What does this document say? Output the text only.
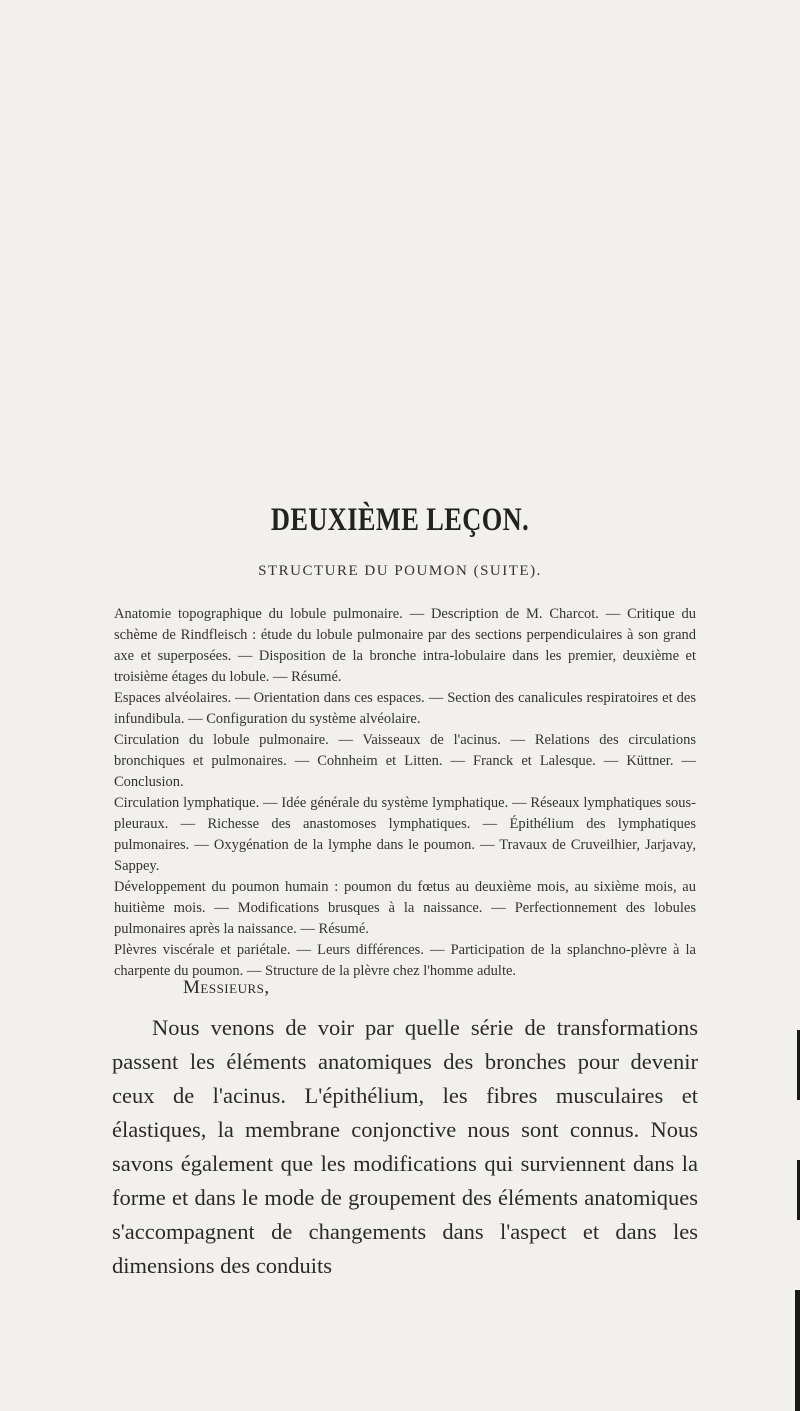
DEUXIÈME LEÇON.
STRUCTURE DU POUMON (SUITE).

Anatomie topographique du lobule pulmonaire. — Description de M. Charcot. — Critique du schème de Rindfleisch : étude du lobule pulmonaire par des sections perpendiculaires à son grand axe et superposées. — Disposition de la bronche intra-lobulaire dans les premier, deuxième et troisième étages du lobule. — Résumé.

Espaces alvéolaires. — Orientation dans ces espaces. — Section des canalicules respiratoires et des infundibula. — Configuration du système alvéolaire.

Circulation du lobule pulmonaire. — Vaisseaux de l'acinus. — Relations des circulations bronchiques et pulmonaires. — Cohnheim et Litten. — Franck et Lalesque. — Küttner. — Conclusion.

Circulation lymphatique. — Idée générale du système lymphatique. — Réseaux lymphatiques sous-pleuraux. — Richesse des anastomoses lymphatiques. — Épithélium des lymphatiques pulmonaires. — Oxygénation de la lymphe dans le poumon. — Travaux de Cruveilhier, Jarjavay, Sappey.

Développement du poumon humain : poumon du fœtus au deuxième mois, au sixième mois, au huitième mois. — Modifications brusques à la naissance. — Perfectionnement des lobules pulmonaires après la naissance. — Résumé.

Plèvres viscérale et pariétale. — Leurs différences. — Participation de la splanchno-plèvre à la charpente du poumon. — Structure de la plèvre chez l'homme adulte.

Messieurs,

Nous venons de voir par quelle série de transformations passent les éléments anatomiques des bronches pour devenir ceux de l'acinus. L'épithélium, les fibres musculaires et élastiques, la membrane conjonctive nous sont connus. Nous savons également que les modifications qui surviennent dans la forme et dans le mode de groupement des éléments anatomiques s'accompagnent de changements dans l'aspect et dans les dimensions des conduits
